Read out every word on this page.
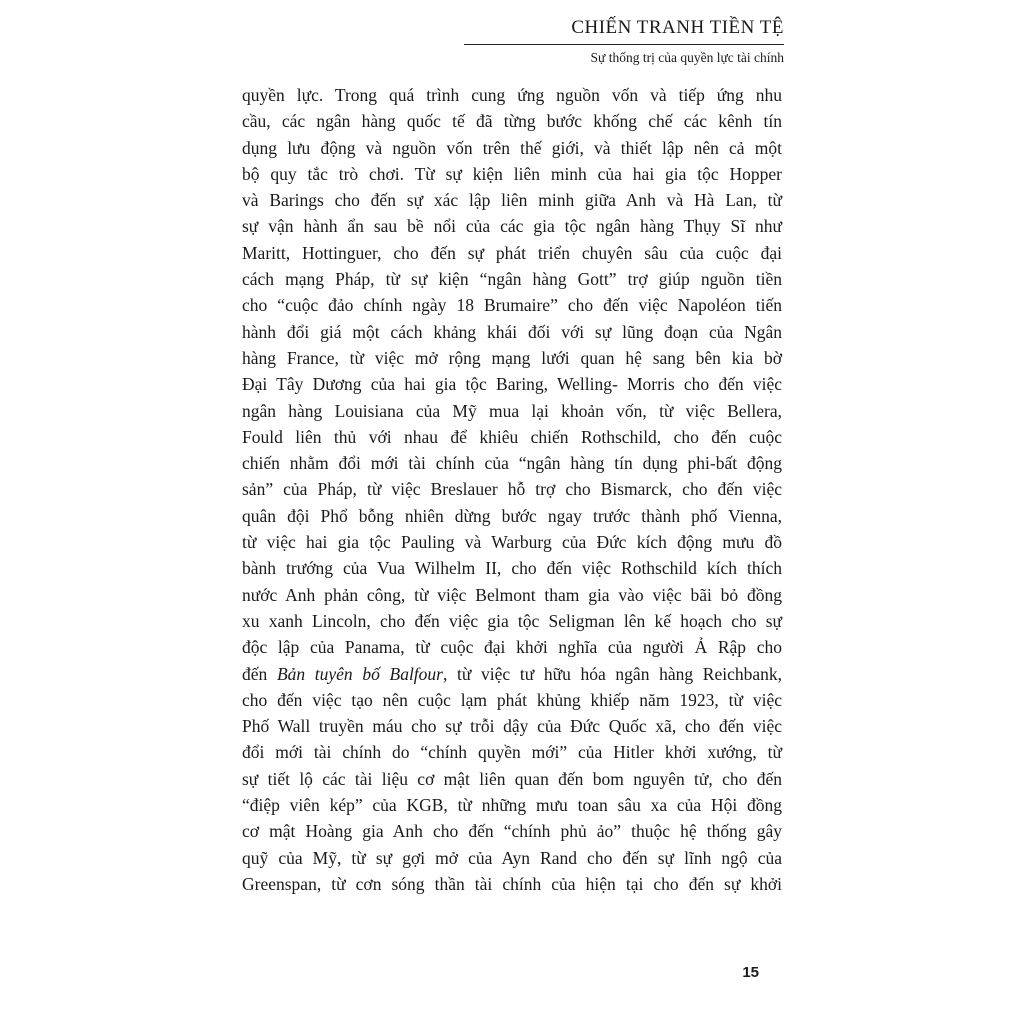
CHIẾN TRANH TIỀN TỆ
Sự thống trị của quyền lực tài chính
quyền lực. Trong quá trình cung ứng nguồn vốn và tiếp ứng nhu
cầu, các ngân hàng quốc tế đã từng bước khống chế các kênh tín
dụng lưu động và nguồn vốn trên thế giới, và thiết lập nên cả một
bộ quy tắc trò chơi. Từ sự kiện liên minh của hai gia tộc Hopper
và Barings cho đến sự xác lập liên minh giữa Anh và Hà Lan, từ
sự vận hành ẩn sau bề nổi của các gia tộc ngân hàng Thụy Sĩ như
Maritt, Hottinguer, cho đến sự phát triển chuyên sâu của cuộc đại
cách mạng Pháp, từ sự kiện “ngân hàng Gott” trợ giúp nguồn tiền
cho “cuộc đảo chính ngày 18 Brumaire” cho đến việc Napoléon tiến
hành đổi giá một cách khảng khái đối với sự lũng đoạn của Ngân
hàng France, từ việc mở rộng mạng lưới quan hệ sang bên kia bờ
Đại Tây Dương của hai gia tộc Baring, Welling- Morris cho đến việc
ngân hàng Louisiana của Mỹ mua lại khoản vốn, từ việc Bellera,
Fould liên thủ với nhau để khiêu chiến Rothschild, cho đến cuộc
chiến nhằm đổi mới tài chính của “ngân hàng tín dụng phi-bất động
sản” của Pháp, từ việc Breslauer hỗ trợ cho Bismarck, cho đến việc
quân đội Phổ bỗng nhiên dừng bước ngay trước thành phố Vienna,
từ việc hai gia tộc Pauling và Warburg của Đức kích động mưu đồ
bành trướng của Vua Wilhelm II, cho đến việc Rothschild kích thích
nước Anh phản công, từ việc Belmont tham gia vào việc bãi bỏ đồng
xu xanh Lincoln, cho đến việc gia tộc Seligman lên kế hoạch cho sự
độc lập của Panama, từ cuộc đại khởi nghĩa của người Ả Rập cho
đến Bản tuyên bố Balfour, từ việc tư hữu hóa ngân hàng Reichbank,
cho đến việc tạo nên cuộc lạm phát khủng khiếp năm 1923, từ việc
Phố Wall truyền máu cho sự trỗi dậy của Đức Quốc xã, cho đến việc
đổi mới tài chính do “chính quyền mới” của Hitler khởi xướng, từ
sự tiết lộ các tài liệu cơ mật liên quan đến bom nguyên tử, cho đến
“điệp viên kép” của KGB, từ những mưu toan sâu xa của Hội đồng
cơ mật Hoàng gia Anh cho đến “chính phủ ảo” thuộc hệ thống gây
quỹ của Mỹ, từ sự gợi mở của Ayn Rand cho đến sự lĩnh ngộ của
Greenspan, từ cơn sóng thần tài chính của hiện tại cho đến sự khởi
15
